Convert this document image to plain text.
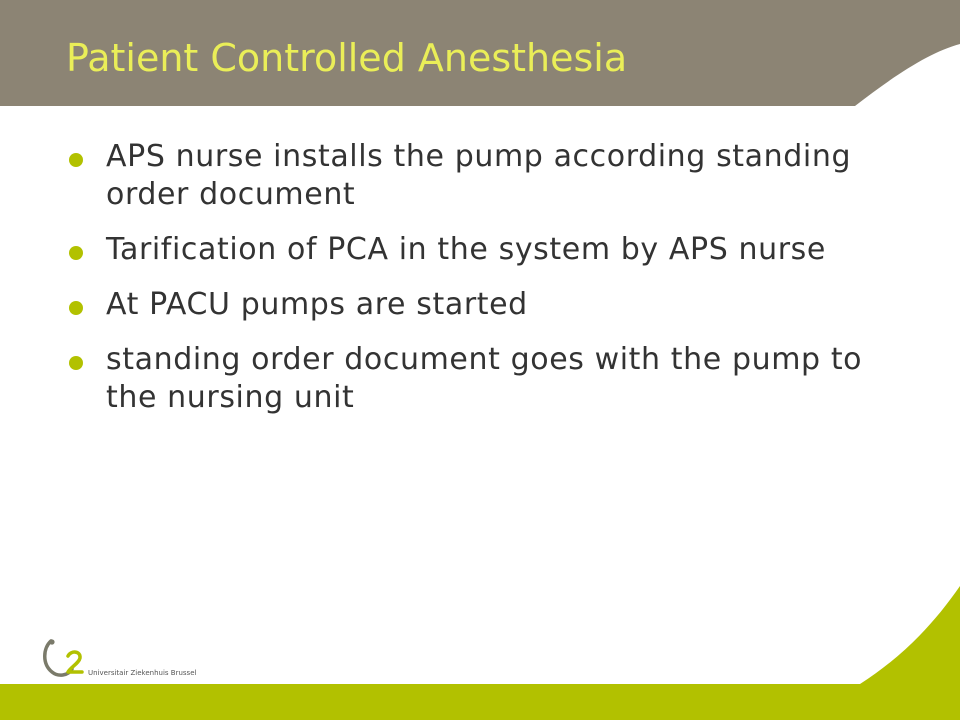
Patient Controlled Anesthesia
APS nurse installs the pump according standing order document
Tarification of PCA in the system by APS nurse
At PACU pumps are started
standing order document goes with the pump to the nursing unit
Universitair Ziekenhuis Brussel
